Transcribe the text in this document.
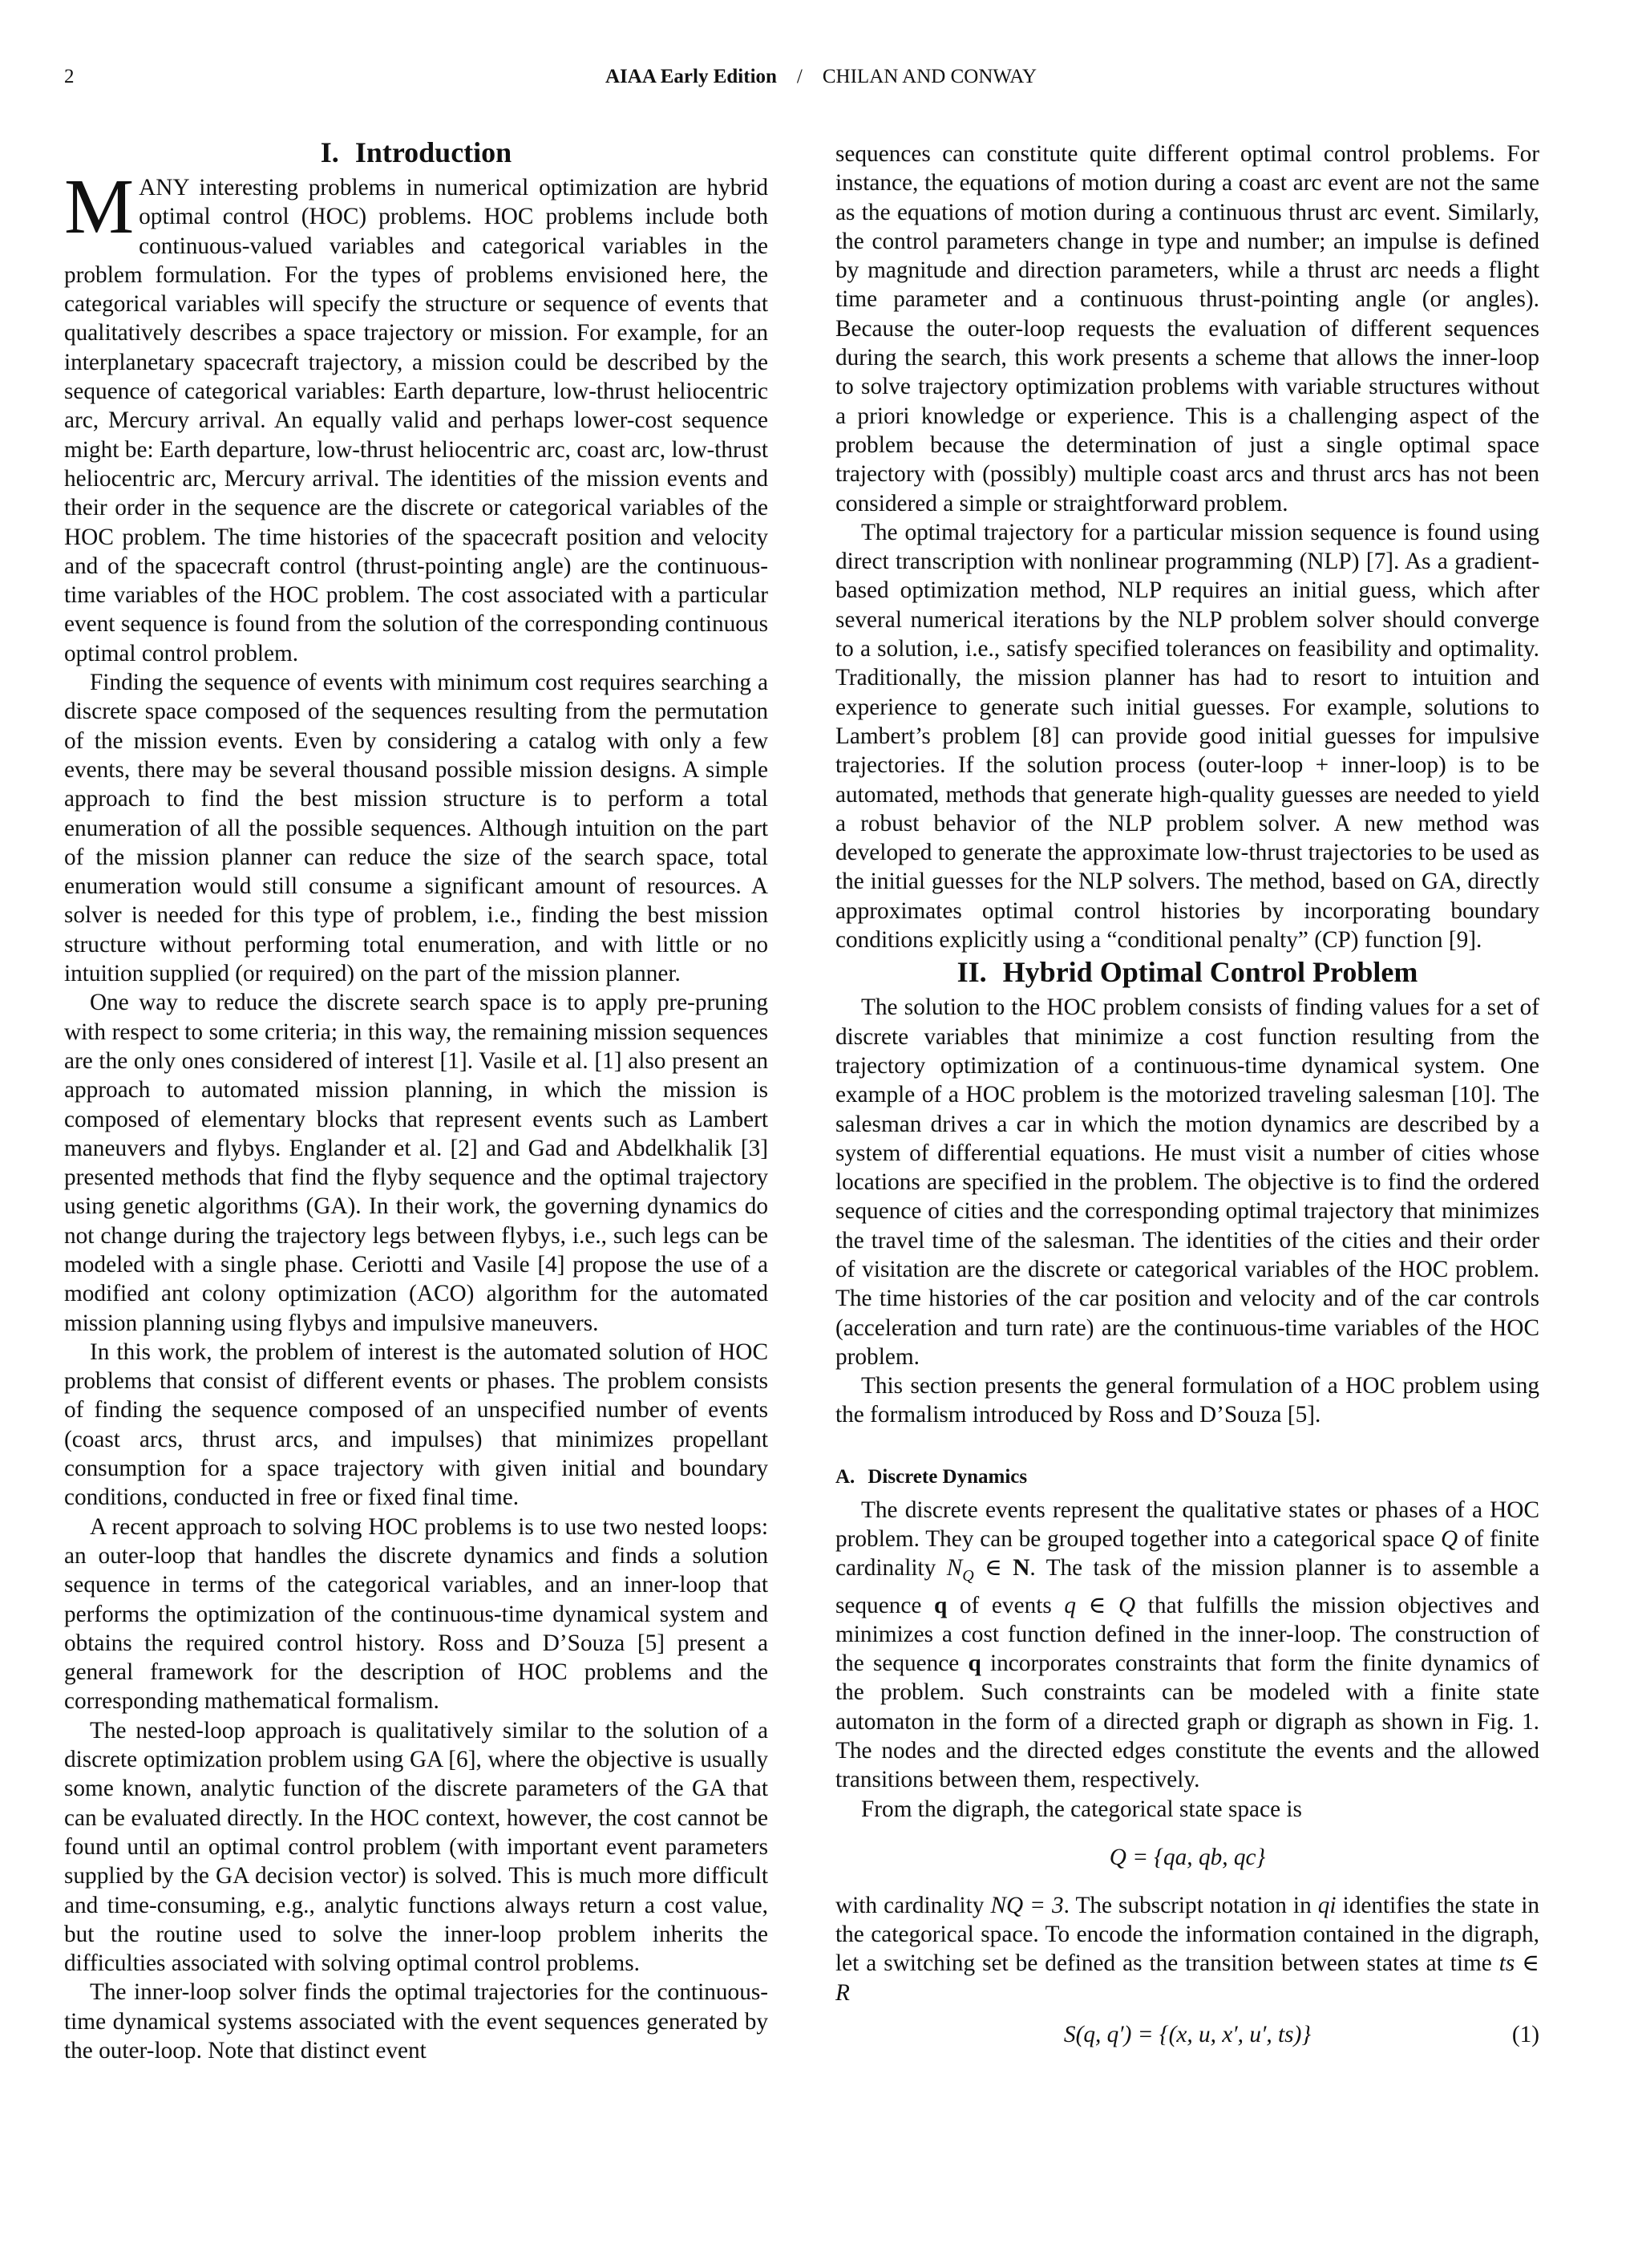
2	AIAA Early Edition / CHILAN AND CONWAY
I. Introduction

MANY interesting problems in numerical optimization are hybrid optimal control (HOC) problems. HOC problems include both continuous-valued variables and categorical variables in the problem formulation. For the types of problems envisioned here, the categorical variables will specify the structure or sequence of events that qualitatively describes a space trajectory or mission. For example, for an interplanetary spacecraft trajectory, a mission could be described by the sequence of categorical variables: Earth departure, low-thrust heliocentric arc, Mercury arrival. An equally valid and perhaps lower-cost sequence might be: Earth departure, low-thrust heliocentric arc, coast arc, low-thrust heliocentric arc, Mercury arrival. The identities of the mission events and their order in the sequence are the discrete or categorical variables of the HOC problem. The time histories of the spacecraft position and velocity and of the spacecraft control (thrust-pointing angle) are the continuous-time variables of the HOC problem. The cost associated with a particular event sequence is found from the solution of the corresponding continuous optimal control problem.

Finding the sequence of events with minimum cost requires searching a discrete space composed of the sequences resulting from the permutation of the mission events. Even by considering a catalog with only a few events, there may be several thousand possible mission designs. A simple approach to find the best mission structure is to perform a total enumeration of all the possible sequences. Although intuition on the part of the mission planner can reduce the size of the search space, total enumeration would still consume a significant amount of resources. A solver is needed for this type of problem, i.e., finding the best mission structure without performing total enumeration, and with little or no intuition supplied (or required) on the part of the mission planner.

One way to reduce the discrete search space is to apply pre-pruning with respect to some criteria; in this way, the remaining mission sequences are the only ones considered of interest [1]. Vasile et al. [1] also present an approach to automated mission planning, in which the mission is composed of elementary blocks that represent events such as Lambert maneuvers and flybys. Englander et al. [2] and Gad and Abdelkhalik [3] presented methods that find the flyby sequence and the optimal trajectory using genetic algorithms (GA). In their work, the governing dynamics do not change during the trajectory legs between flybys, i.e., such legs can be modeled with a single phase. Ceriotti and Vasile [4] propose the use of a modified ant colony optimization (ACO) algorithm for the automated mission planning using flybys and impulsive maneuvers.

In this work, the problem of interest is the automated solution of HOC problems that consist of different events or phases. The problem consists of finding the sequence composed of an unspecified number of events (coast arcs, thrust arcs, and impulses) that minimizes propellant consumption for a space trajectory with given initial and boundary conditions, conducted in free or fixed final time.

A recent approach to solving HOC problems is to use two nested loops: an outer-loop that handles the discrete dynamics and finds a solution sequence in terms of the categorical variables, and an inner-loop that performs the optimization of the continuous-time dynamical system and obtains the required control history. Ross and D’Souza [5] present a general framework for the description of HOC problems and the corresponding mathematical formalism.

The nested-loop approach is qualitatively similar to the solution of a discrete optimization problem using GA [6], where the objective is usually some known, analytic function of the discrete parameters of the GA that can be evaluated directly. In the HOC context, however, the cost cannot be found until an optimal control problem (with important event parameters supplied by the GA decision vector) is solved. This is much more difficult and time-consuming, e.g., analytic functions always return a cost value, but the routine used to solve the inner-loop problem inherits the difficulties associated with solving optimal control problems.

The inner-loop solver finds the optimal trajectories for the continuous-time dynamical systems associated with the event sequences generated by the outer-loop. Note that distinct event

sequences can constitute quite different optimal control problems. For instance, the equations of motion during a coast arc event are not the same as the equations of motion during a continuous thrust arc event. Similarly, the control parameters change in type and number; an impulse is defined by magnitude and direction parameters, while a thrust arc needs a flight time parameter and a continuous thrust-pointing angle (or angles). Because the outer-loop requests the evaluation of different sequences during the search, this work presents a scheme that allows the inner-loop to solve trajectory optimization problems with variable structures without a priori knowledge or experience. This is a challenging aspect of the problem because the determination of just a single optimal space trajectory with (possibly) multiple coast arcs and thrust arcs has not been considered a simple or straightforward problem.

The optimal trajectory for a particular mission sequence is found using direct transcription with nonlinear programming (NLP) [7]. As a gradient-based optimization method, NLP requires an initial guess, which after several numerical iterations by the NLP problem solver should converge to a solution, i.e., satisfy specified tolerances on feasibility and optimality. Traditionally, the mission planner has had to resort to intuition and experience to generate such initial guesses. For example, solutions to Lambert’s problem [8] can provide good initial guesses for impulsive trajectories. If the solution process (outer-loop + inner-loop) is to be automated, methods that generate high-quality guesses are needed to yield a robust behavior of the NLP problem solver. A new method was developed to generate the approximate low-thrust trajectories to be used as the initial guesses for the NLP solvers. The method, based on GA, directly approximates optimal control histories by incorporating boundary conditions explicitly using a “conditional penalty” (CP) function [9].

II. Hybrid Optimal Control Problem

The solution to the HOC problem consists of finding values for a set of discrete variables that minimize a cost function resulting from the trajectory optimization of a continuous-time dynamical system. One example of a HOC problem is the motorized traveling salesman [10]. The salesman drives a car in which the motion dynamics are described by a system of differential equations. He must visit a number of cities whose locations are specified in the problem. The objective is to find the ordered sequence of cities and the corresponding optimal trajectory that minimizes the travel time of the salesman. The identities of the cities and their order of visitation are the discrete or categorical variables of the HOC problem. The time histories of the car position and velocity and of the car controls (acceleration and turn rate) are the continuous-time variables of the HOC problem.

This section presents the general formulation of a HOC problem using the formalism introduced by Ross and D’Souza [5].

A. Discrete Dynamics

The discrete events represent the qualitative states or phases of a HOC problem. They can be grouped together into a categorical space Q of finite cardinality $N_Q$ ∈ N. The task of the mission planner is to assemble a sequence q of events q ∈ Q that fulfills the mission objectives and minimizes a cost function defined in the inner-loop. The construction of the sequence q incorporates constraints that form the finite dynamics of the problem. Such constraints can be modeled with a finite state automaton in the form of a directed graph or digraph as shown in Fig. 1. The nodes and the directed edges constitute the events and the allowed transitions between them, respectively.

From the digraph, the categorical state space is

Q = {qa, qb, qc}

with cardinality NQ = 3. The subscript notation in qi identifies the state in the categorical space. To encode the information contained in the digraph, let a switching set be defined as the transition between states at time ts ∈ R

S(q, q′) = {(x, u, x′, u′, ts)}	(1)
